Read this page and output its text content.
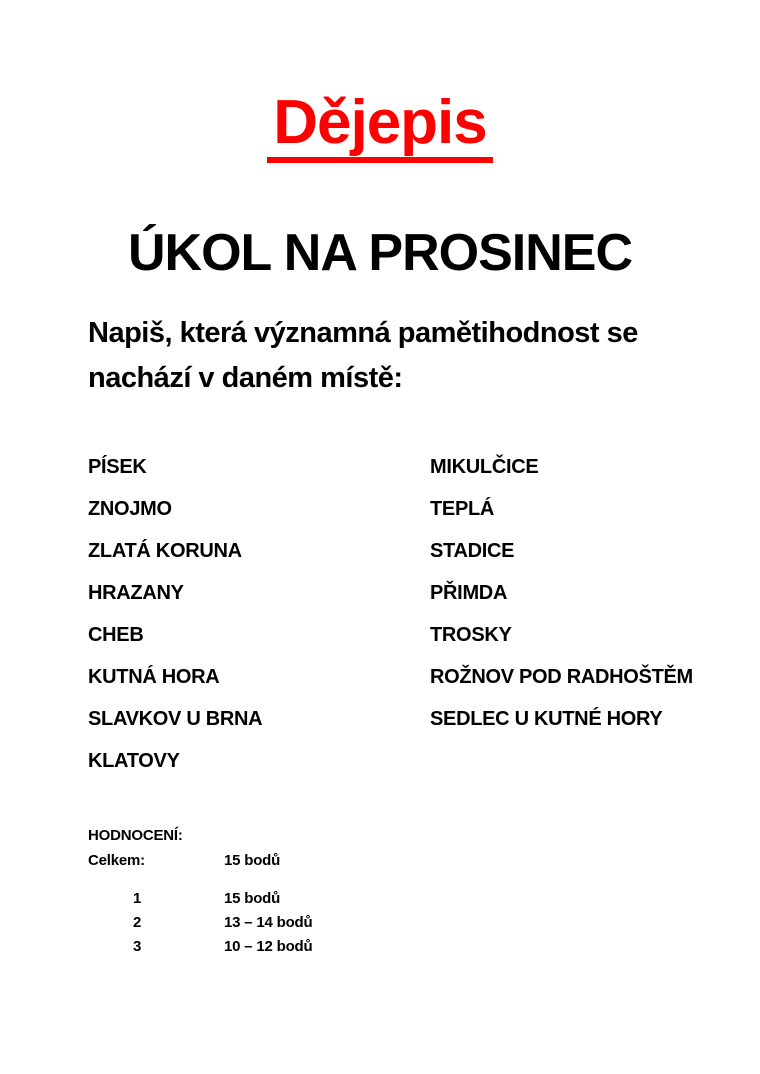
Dějepis
ÚKOL NA PROSINEC
Napiš, která významná pamětihodnost se nachází v daném místě:
PÍSEK
ZNOJMO
ZLATÁ KORUNA
HRAZANY
CHEB
KUTNÁ HORA
SLAVKOV U BRNA
KLATOVY
MIKULČICE
TEPLÁ
STADICE
PŘIMDA
TROSKY
ROŽNOV POD RADHOŠTĚM
SEDLEC U KUTNÉ HORY
HODNOCENÍ:
Celkem:	15 bodů
1	15 bodů
2	13 – 14 bodů
3	10 – 12 bodů
